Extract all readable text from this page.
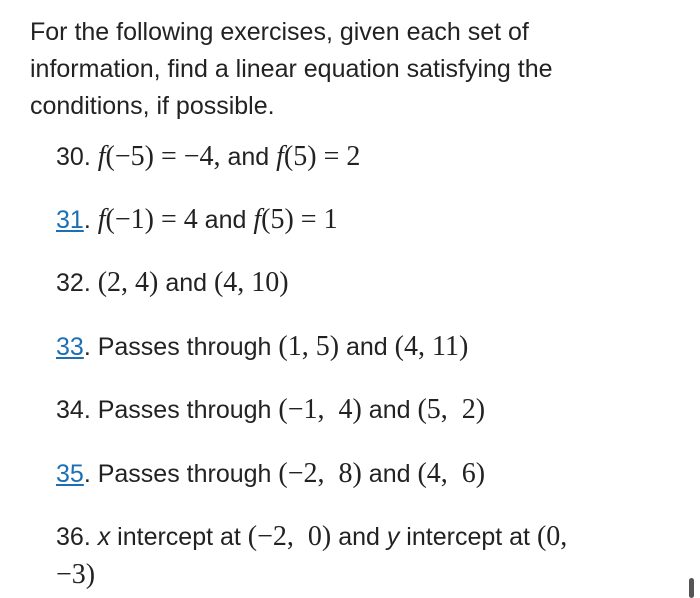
For the following exercises, given each set of information, find a linear equation satisfying the conditions, if possible.

30. f(−5) = −4, and f(5) = 2
31. f(−1) = 4 and f(5) = 1
32. (2, 4) and (4, 10)
33. Passes through (1, 5) and (4, 11)
34. Passes through (−1,  4) and (5,  2)
35. Passes through (−2,  8) and (4,  6)
36. x intercept at (−2,  0) and y intercept at (0, −3)
